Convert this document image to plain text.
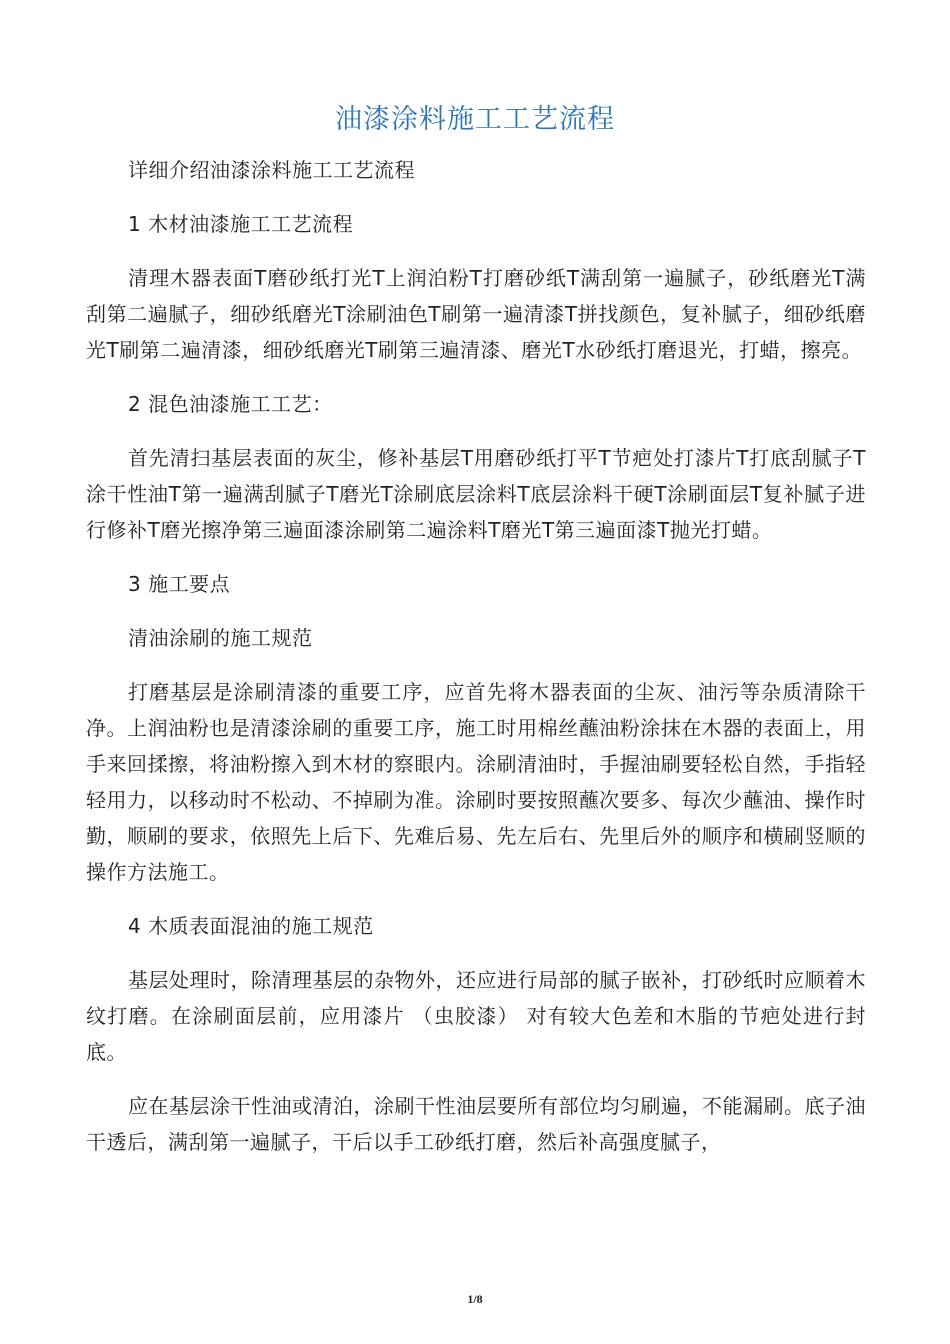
油漆涂料施工工艺流程

详细介绍油漆涂料施工工艺流程

1 木材油漆施工工艺流程

清理木器表面T磨砂纸打光T上润泊粉T打磨砂纸T满刮第一遍腻子，砂纸磨光T满刮第二遍腻子，细砂纸磨光T涂刷油色T刷第一遍清漆T拼找颜色，复补腻子，细砂纸磨光T刷第二遍清漆，细砂纸磨光T刷第三遍清漆、磨光T水砂纸打磨退光，打蜡，擦亮。

2 混色油漆施工工艺：

首先清扫基层表面的灰尘，修补基层T用磨砂纸打平T节疤处打漆片T打底刮腻子T涂干性油T第一遍满刮腻子T磨光T涂刷底层涂料T底层涂料干硬T涂刷面层T复补腻子进行修补T磨光擦净第三遍面漆涂刷第二遍涂料T磨光T第三遍面漆T抛光打蜡。

3 施工要点

清油涂刷的施工规范

打磨基层是涂刷清漆的重要工序，应首先将木器表面的尘灰、油污等杂质清除干净。上润油粉也是清漆涂刷的重要工序，施工时用棉丝蘸油粉涂抹在木器的表面上，用手来回揉擦，将油粉擦入到木材的察眼内。涂刷清油时，手握油刷要轻松自然，手指轻轻用力，以移动时不松动、不掉刷为准。涂刷时要按照蘸次要多、每次少蘸油、操作时勤，顺刷的要求，依照先上后下、先难后易、先左后右、先里后外的顺序和横刷竖顺的操作方法施工。

4 木质表面混油的施工规范

基层处理时，除清理基层的杂物外，还应进行局部的腻子嵌补，打砂纸时应顺着木纹打磨。在涂刷面层前，应用漆片 （虫胶漆） 对有较大色差和木脂的节疤处进行封底。

应在基层涂干性油或清泊，涂刷干性油层要所有部位均匀刷遍，不能漏刷。底子油干透后，满刮第一遍腻子，干后以手工砂纸打磨，然后补高强度腻子，

1/8
